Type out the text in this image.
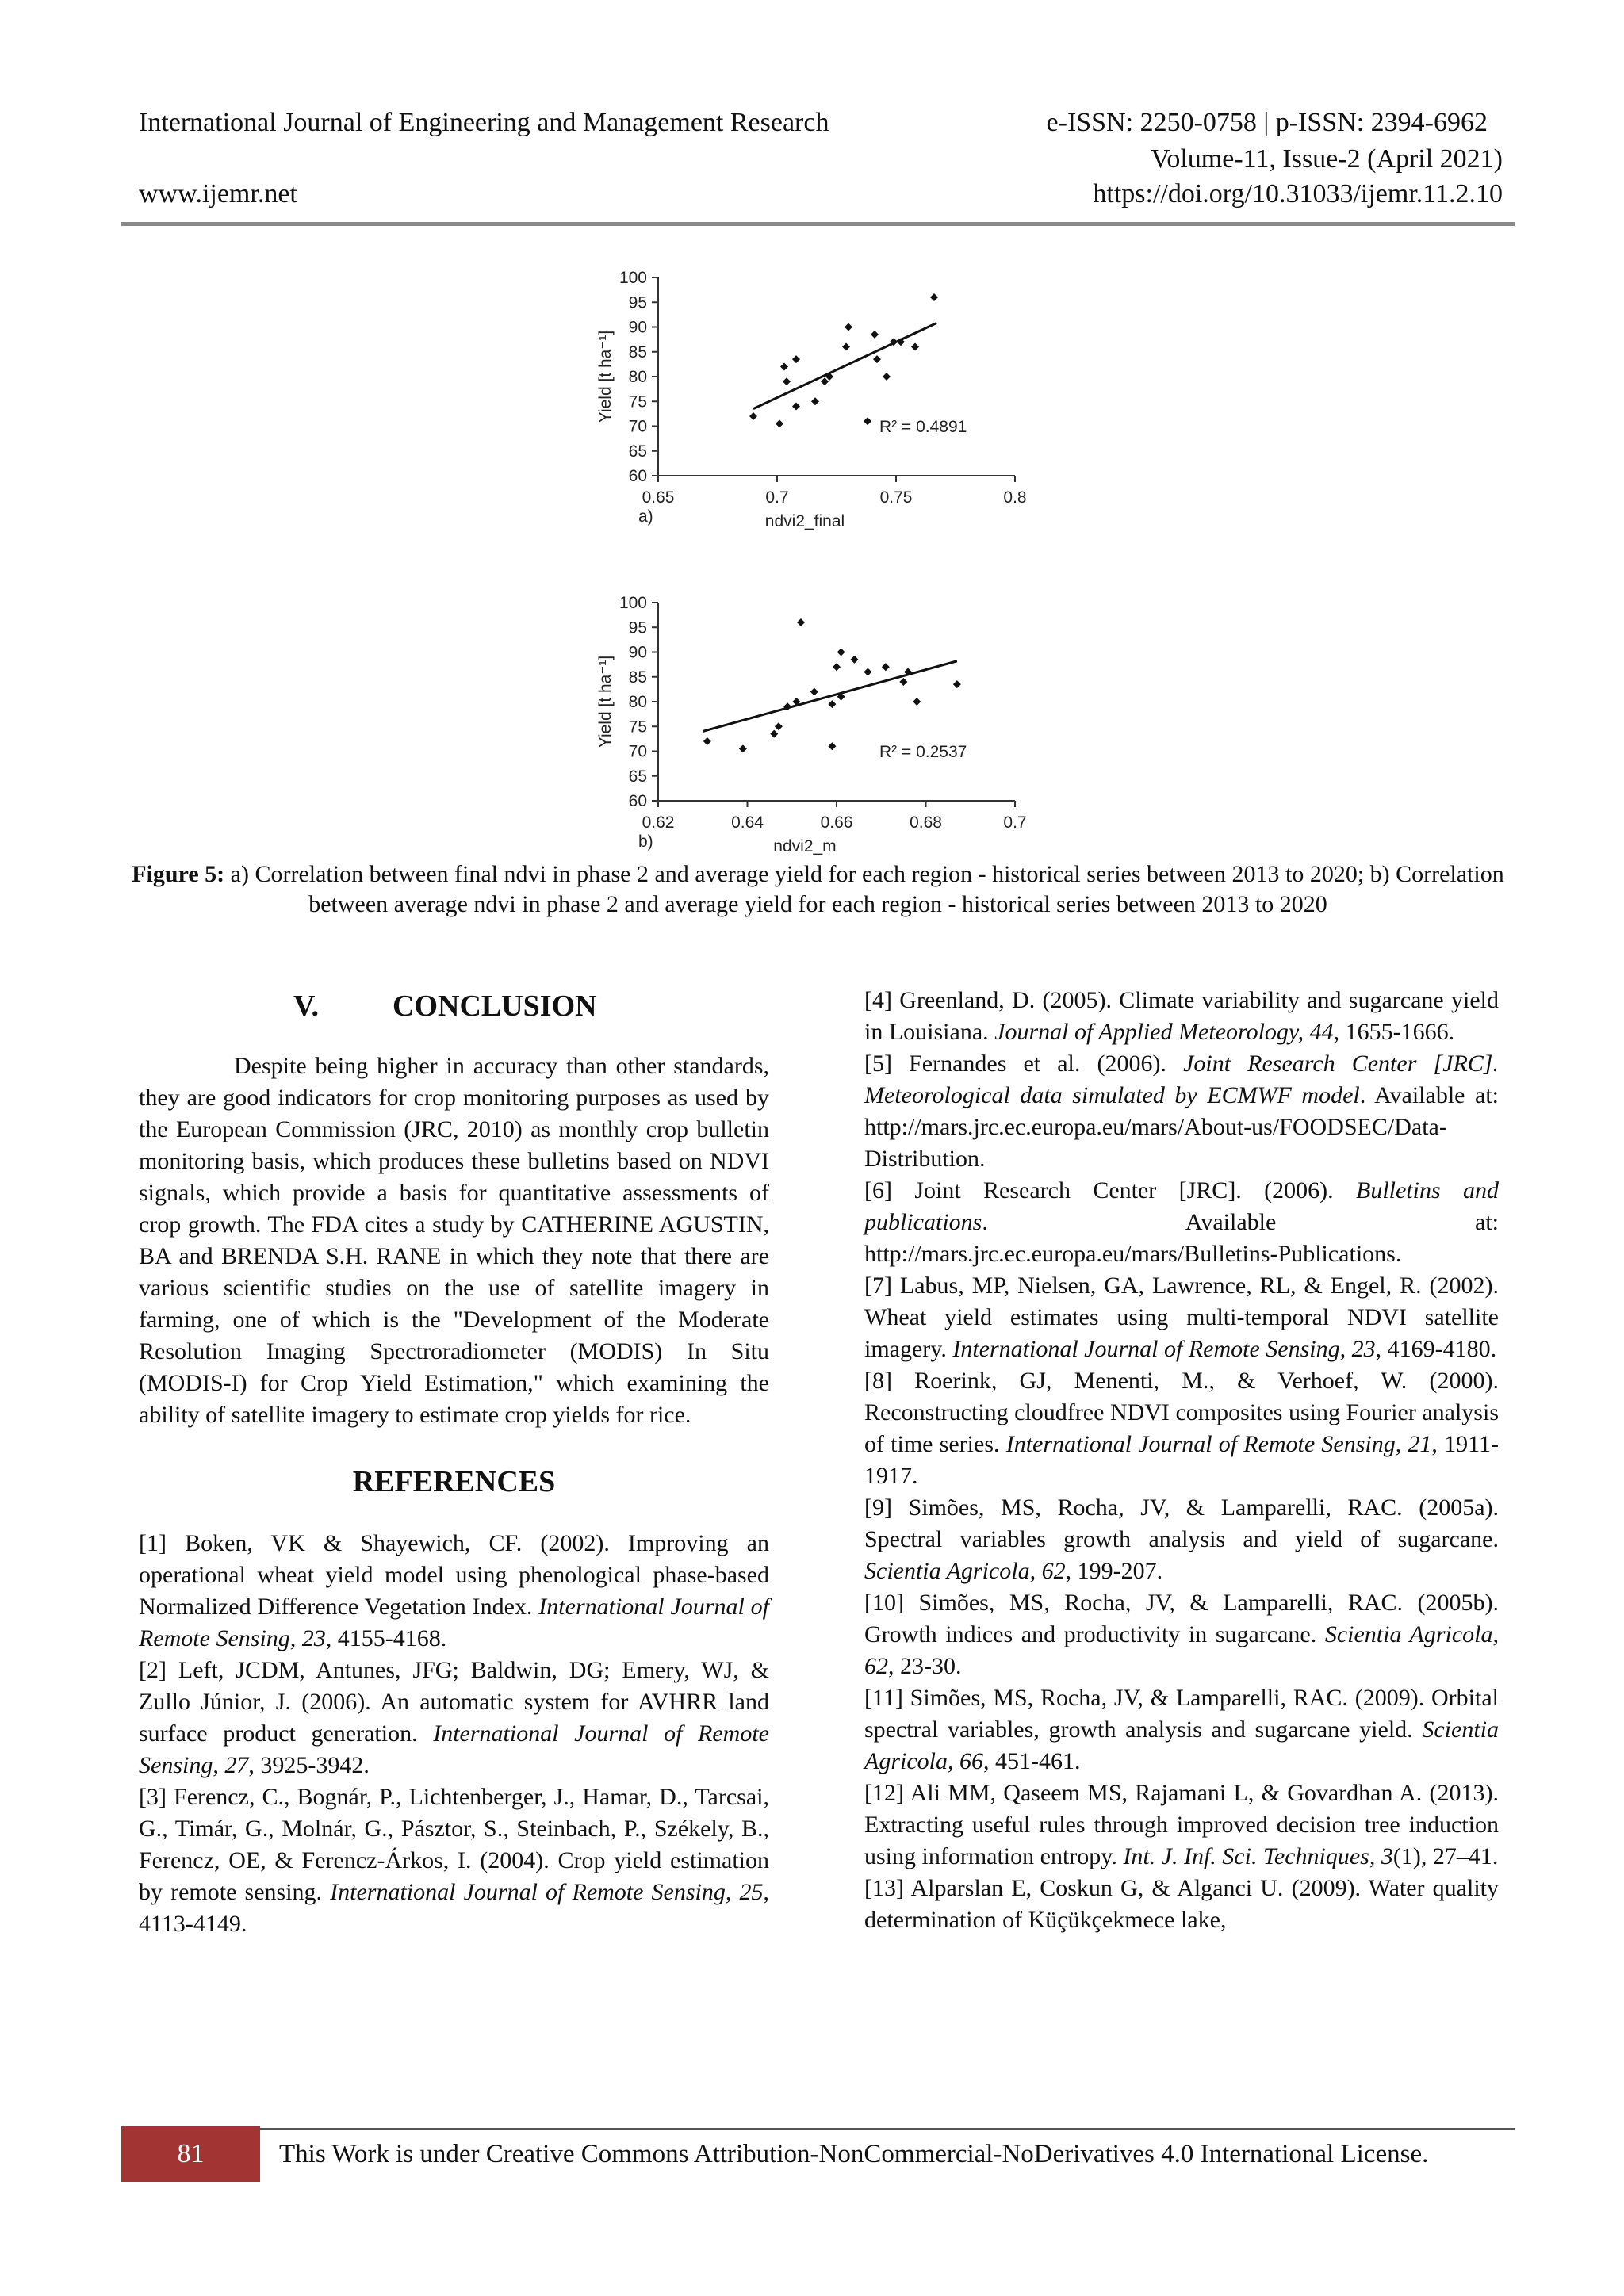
International Journal of Engineering and Management Research	e-ISSN: 2250-0758 | p-ISSN: 2394-6962
Volume-11, Issue-2 (April 2021)
www.ijemr.net	https://doi.org/10.31033/ijemr.11.2.10
60
65
70
75
80
85
90
95
100
0.65	0.7	0.75	0.8
a)	ndvi2_final
Yield [t ha⁻¹]
R² = 0.4891
60
65
70
75
80
85
90
95
100
0.62	0.64	0.66	0.68	0.7
b)	ndvi2_m
Yield [t ha⁻¹]
R² = 0.2537
Figure 5: a) Correlation between final ndvi in phase 2 and average yield for each region - historical series between 2013 to 2020; b) Correlation between average ndvi in phase 2 and average yield for each region - historical series between 2013 to 2020
V. CONCLUSION

Despite being higher in accuracy than other standards, they are good indicators for crop monitoring purposes as used by the European Commission (JRC, 2010) as monthly crop bulletin monitoring basis, which produces these bulletins based on NDVI signals, which provide a basis for quantitative assessments of crop growth. The FDA cites a study by CATHERINE AGUSTIN, BA and BRENDA S.H. RANE in which they note that there are various scientific studies on the use of satellite imagery in farming, one of which is the "Development of the Moderate Resolution Imaging Spectroradiometer (MODIS) In Situ (MODIS-I) for Crop Yield Estimation," which examining the ability of satellite imagery to estimate crop yields for rice.

REFERENCES

[1] Boken, VK & Shayewich, CF. (2002). Improving an operational wheat yield model using phenological phase-based Normalized Difference Vegetation Index. International Journal of Remote Sensing, 23, 4155-4168.

[2] Left, JCDM, Antunes, JFG; Baldwin, DG; Emery, WJ, & Zullo Júnior, J. (2006). An automatic system for AVHRR land surface product generation. International Journal of Remote Sensing, 27, 3925-3942.

[3] Ferencz, C., Bognár, P., Lichtenberger, J., Hamar, D., Tarcsai, G., Timár, G., Molnár, G., Pásztor, S., Steinbach, P., Székely, B., Ferencz, OE, & Ferencz-Árkos, I. (2004). Crop yield estimation by remote sensing. International Journal of Remote Sensing, 25, 4113-4149.

[4] Greenland, D. (2005). Climate variability and sugarcane yield in Louisiana. Journal of Applied Meteorology, 44, 1655-1666.

[5] Fernandes et al. (2006). Joint Research Center [JRC]. Meteorological data simulated by ECMWF model. Available at: http://mars.jrc.ec.europa.eu/mars/About-us/FOODSEC/Data-Distribution.

[6] Joint Research Center [JRC]. (2006). Bulletins and publications. Available at: http://mars.jrc.ec.europa.eu/mars/Bulletins-Publications.

[7] Labus, MP, Nielsen, GA, Lawrence, RL, & Engel, R. (2002). Wheat yield estimates using multi-temporal NDVI satellite imagery. International Journal of Remote Sensing, 23, 4169-4180.

[8] Roerink, GJ, Menenti, M., & Verhoef, W. (2000). Reconstructing cloudfree NDVI composites using Fourier analysis of time series. International Journal of Remote Sensing, 21, 1911-1917.

[9] Simões, MS, Rocha, JV, & Lamparelli, RAC. (2005a). Spectral variables growth analysis and yield of sugarcane. Scientia Agricola, 62, 199-207.

[10] Simões, MS, Rocha, JV, & Lamparelli, RAC. (2005b). Growth indices and productivity in sugarcane. Scientia Agricola, 62, 23-30.

[11] Simões, MS, Rocha, JV, & Lamparelli, RAC. (2009). Orbital spectral variables, growth analysis and sugarcane yield. Scientia Agricola, 66, 451-461.

[12] Ali MM, Qaseem MS, Rajamani L, & Govardhan A. (2013). Extracting useful rules through improved decision tree induction using information entropy. Int. J. Inf. Sci. Techniques, 3(1), 27–41.

[13] Alparslan E, Coskun G, & Alganci U. (2009). Water quality determination of Küçükçekmece lake,

81	This Work is under Creative Commons Attribution-NonCommercial-NoDerivatives 4.0 International License.
